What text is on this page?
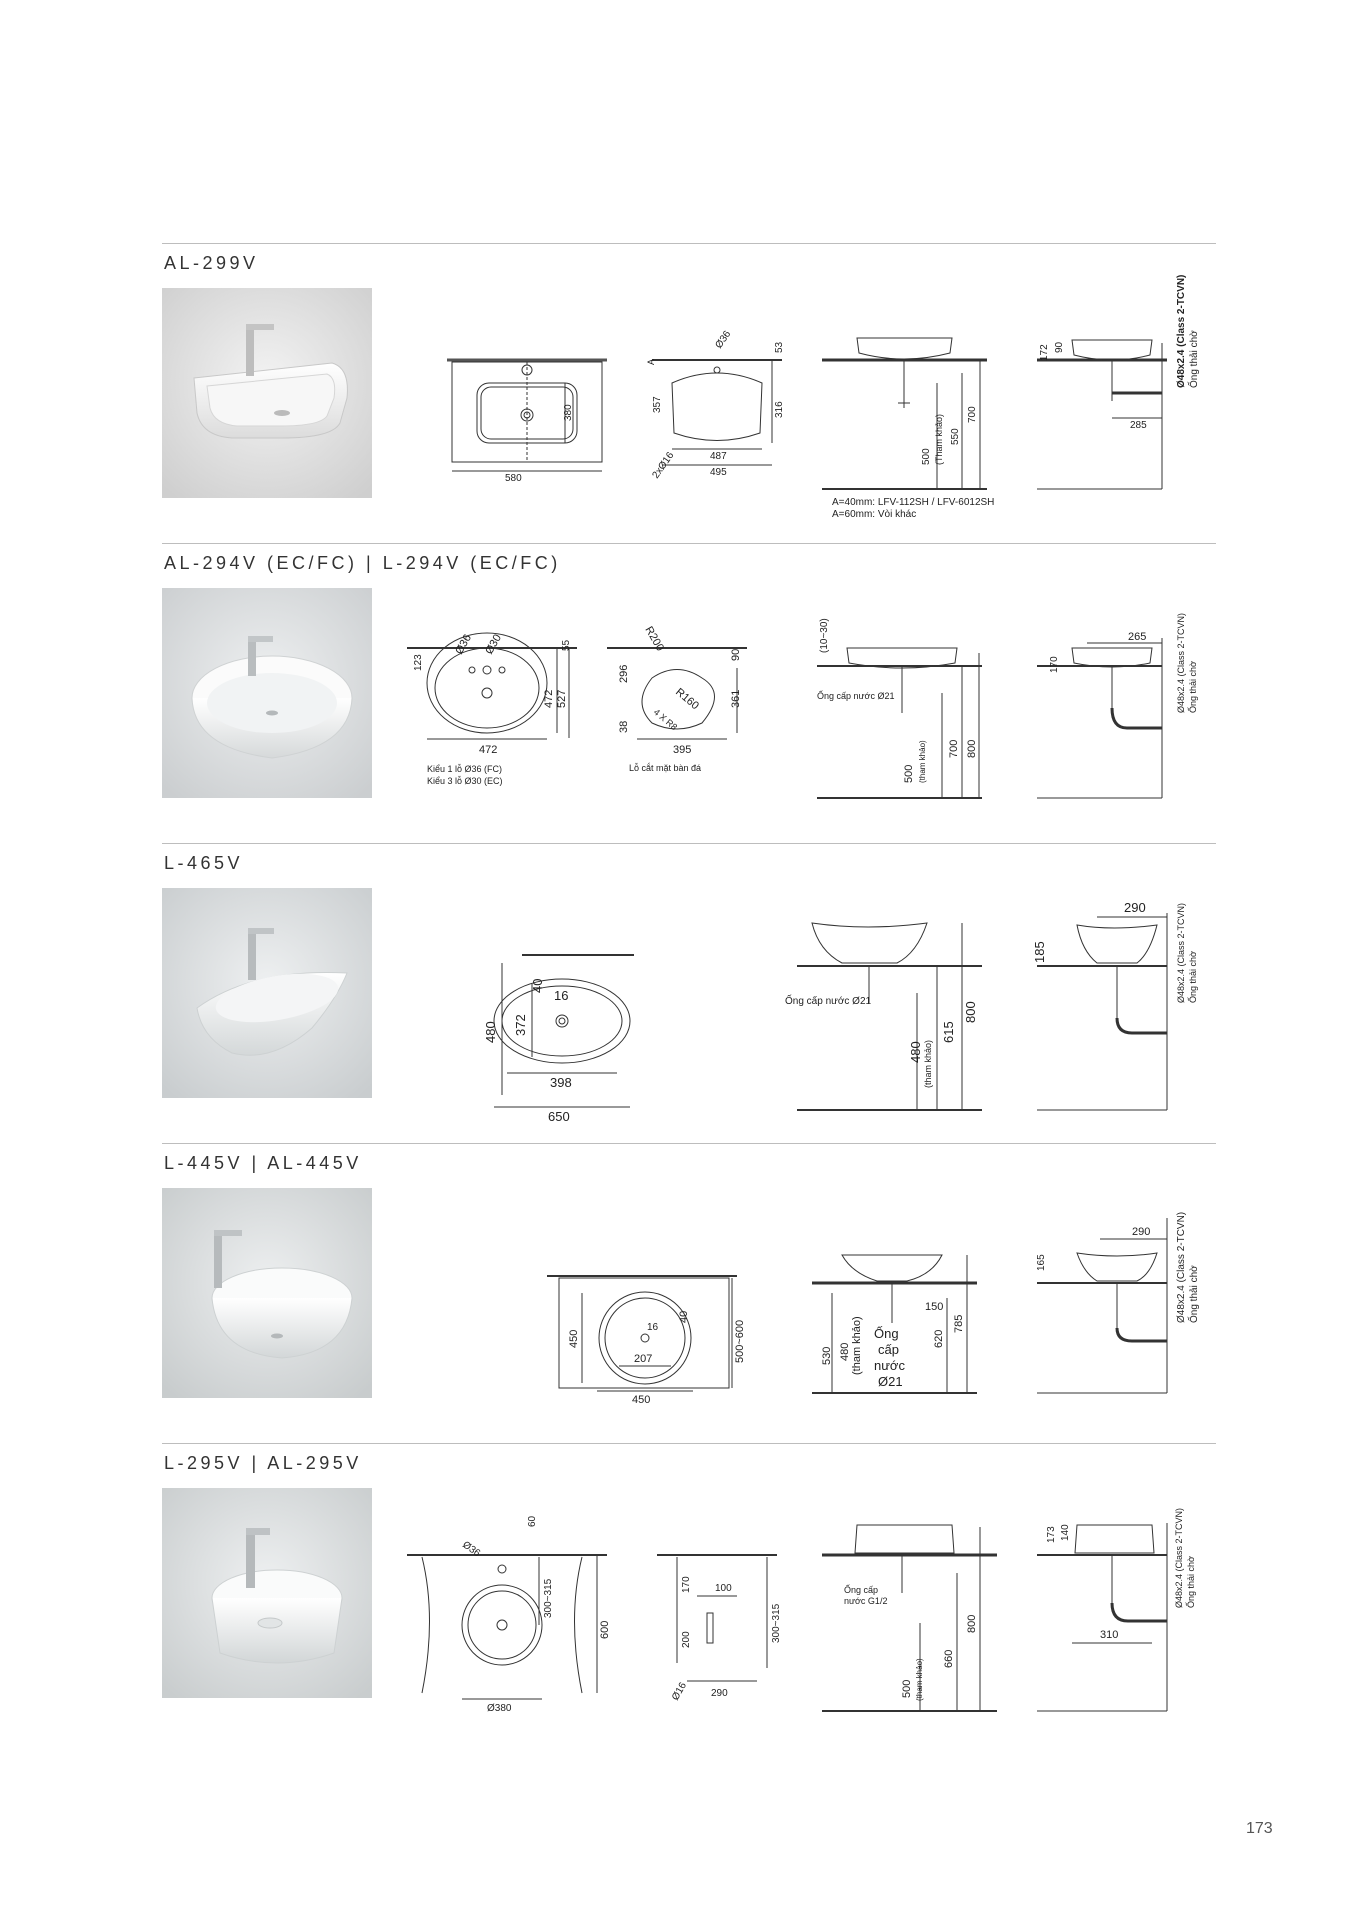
AL-299V
580
380
487
495
357	316
53
Ø36
2xØ16
A
500 (Tham khảo) 550
700
A=40mm: LFV-112SH / LFV-6012SH
A=60mm: Vòi khác
172 90
285
Ø48x2.4 (Class 2-TCVN) Ống thải chờ
AL-294V (EC/FC) | L-294V (EC/FC)
472
472 527
123
Ø36 Ø30	55
Kiểu 1 lỗ Ø36 (FC)
Kiểu 3 lỗ Ø30 (EC)
395
361
90
296
38
R200
R160
4 X R8
Lỗ cắt mặt bàn đá
(10~30)
Ống cấp nước Ø21
500 (tham khảo) 700 800
170
265	Ø48x2.4 (Class 2-TCVN) Ống thải chờ
L-465V
480 372
40
16
398
650
Ống cấp nước Ø21
480 (tham khảo)
615
800
185
290	Ø48x2.4 (Class 2-TCVN) Ống thải chờ
L-445V | AL-445V
450
16
40
207
450
500~600	530 480 (tham khảo) Ống
cấp
nước
Ø21
150
620
785
165
290	Ø48x2.4 (Class 2-TCVN) Ống thải chờ
L-295V | AL-295V
Ø36
60
300~315
600
Ø380
170 100
200
Ø16 290
300~315
Ống cấp
nước G1/2
500 (tham khảo) 660
800
173 140
310
Ø48x2.4 (Class 2-TCVN) Ống thải chờ
173
